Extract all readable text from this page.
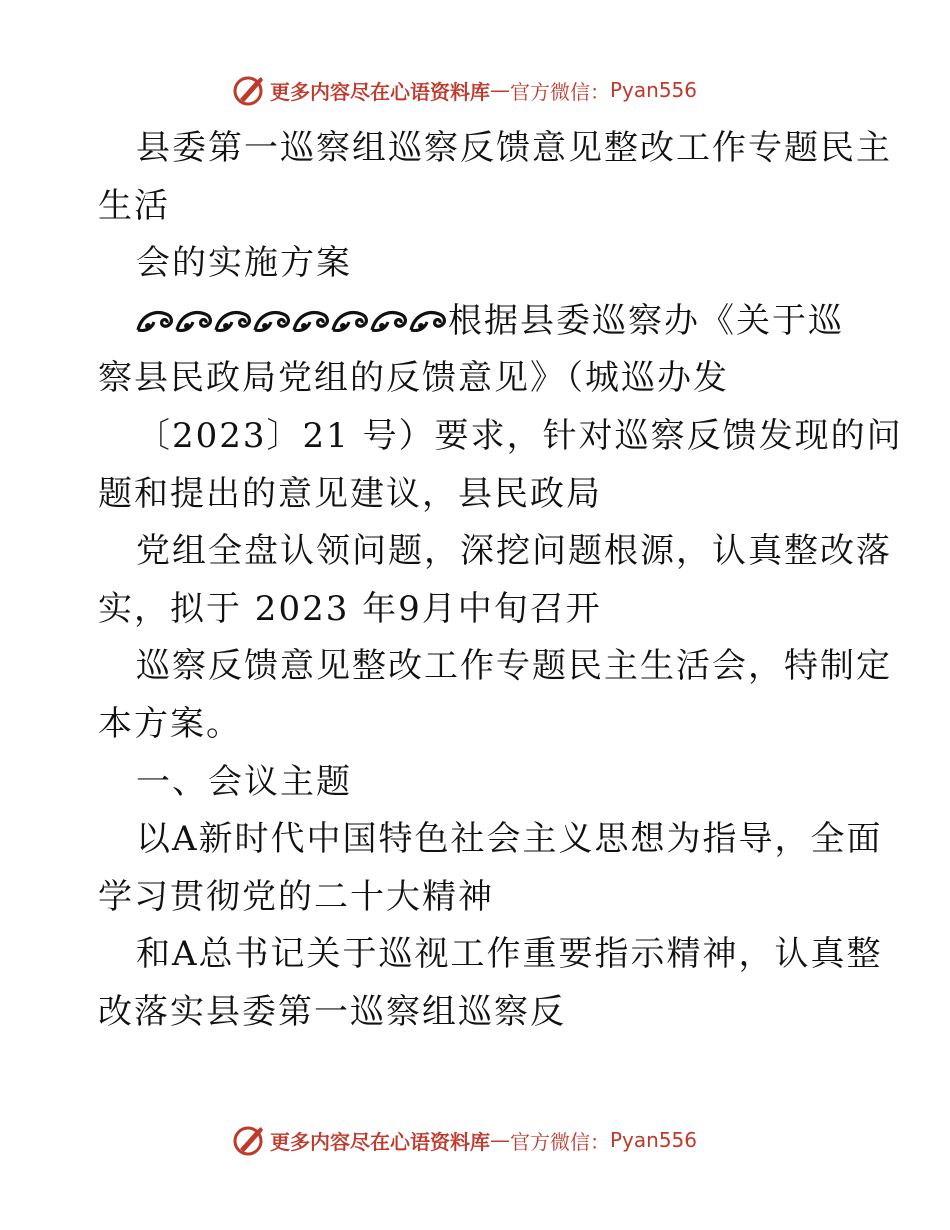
更多内容尽在心语资料库 — 官方微信： Pyan556
县委第一巡察组巡察反馈意见整改工作专题民主
生活
会的实施方案
根据县委巡察办《关于巡
察县民政局党组的反馈意见》（城巡办发
〔2023〕21 号）要求，针对巡察反馈发现的问
题和提出的意见建议，县民政局
党组全盘认领问题，深挖问题根源，认真整改落
实，拟于 2023 年9月中旬召开
巡察反馈意见整改工作专题民主生活会，特制定
本方案。
一、会议主题
以A新时代中国特色社会主义思想为指导，全面
学习贯彻党的二十大精神
和A总书记关于巡视工作重要指示精神，认真整
改落实县委第一巡察组巡察反
更多内容尽在心语资料库 — 官方微信： Pyan556
